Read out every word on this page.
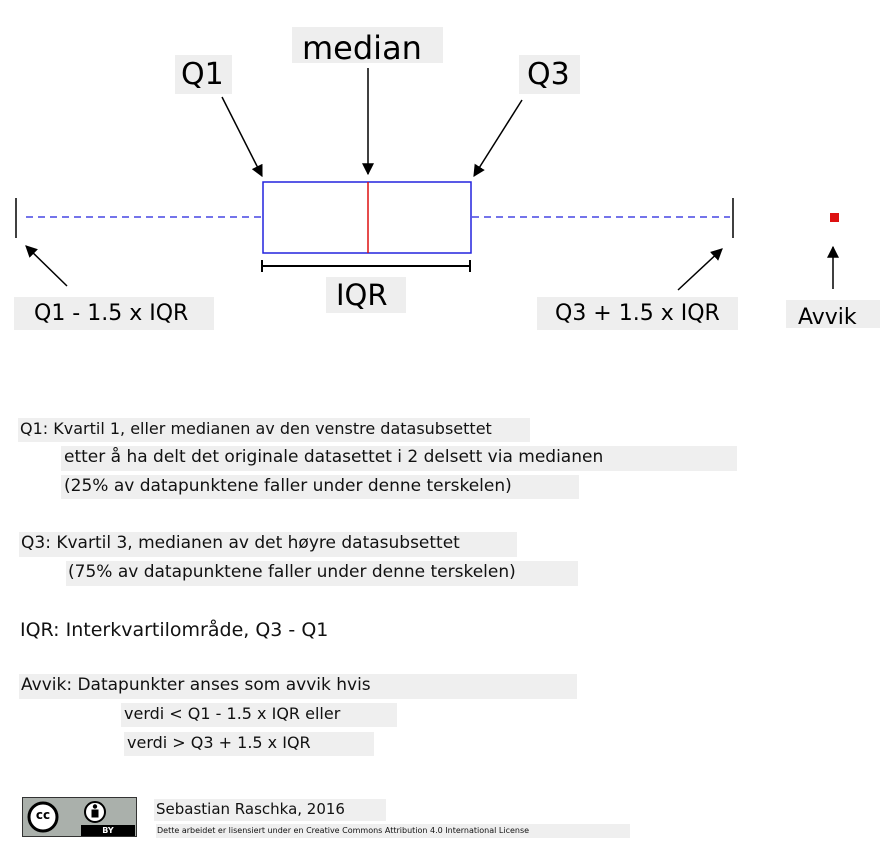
median
Q1	Q3
IQR
Q1 - 1.5 x IQR	Q3 + 1.5 x IQR	Avvik
Q1: Kvartil 1, eller medianen av den venstre datasubsettet
etter å ha delt det originale datasettet i 2 delsett via medianen
(25% av datapunktene faller under denne terskelen)
Q3: Kvartil 3, medianen av det høyre datasubsettet
(75% av datapunktene faller under denne terskelen)
IQR: Interkvartilområde, Q3 - Q1
Avvik: Datapunkter anses som avvik hvis
verdi < Q1 - 1.5 x IQR eller
verdi > Q3 + 1.5 x IQR
cc
BY
Sebastian Raschka, 2016
Dette arbeidet er lisensiert under en Creative Commons Attribution 4.0 International License
